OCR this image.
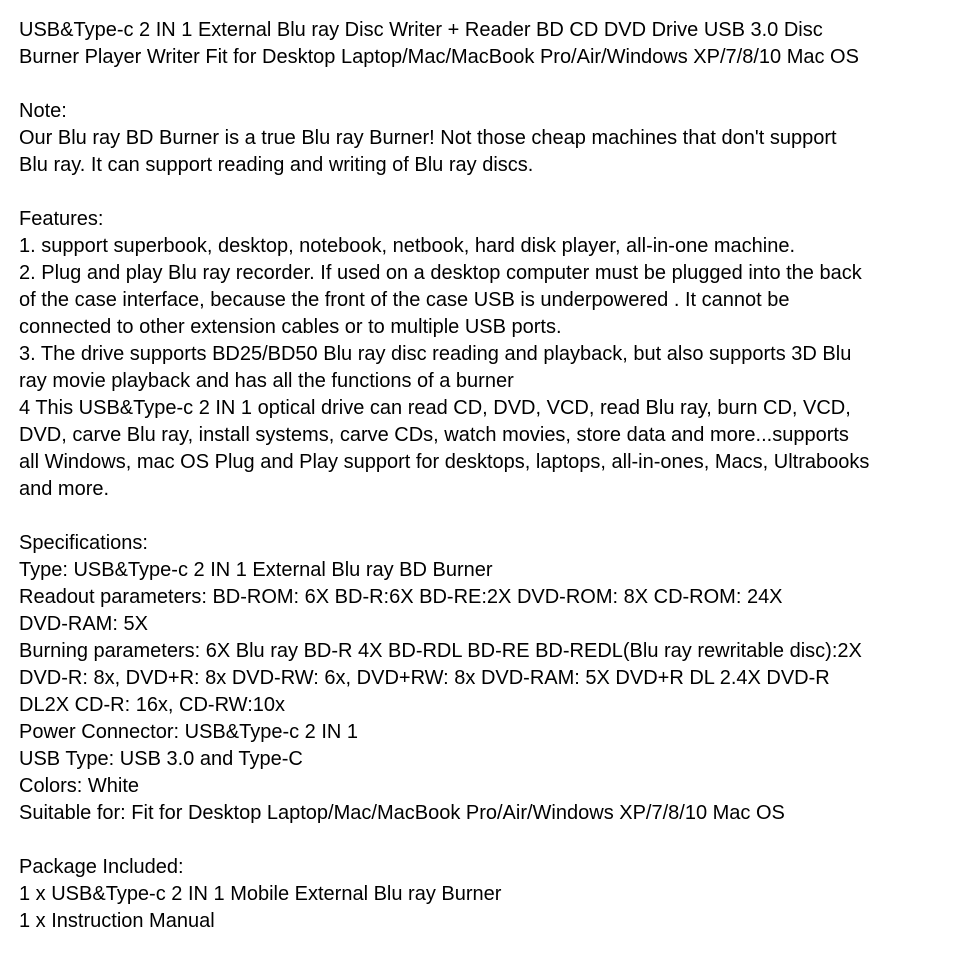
USB&Type-c 2 IN 1 External Blu ray Disc Writer + Reader BD CD DVD Drive USB 3.0 Disc
Burner Player Writer Fit for Desktop Laptop/Mac/MacBook Pro/Air/Windows XP/7/8/10 Mac OS
Note:
Our Blu ray BD Burner is a true Blu ray Burner! Not those cheap machines that don't support
Blu ray. It can support reading and writing of Blu ray discs.
Features:
1. support superbook, desktop, notebook, netbook, hard disk player, all-in-one machine.
2. Plug and play Blu ray recorder. If used on a desktop computer must be plugged into the back
of the case interface, because the front of the case USB is underpowered . It cannot be
connected to other extension cables or to multiple USB ports.
3. The drive supports BD25/BD50 Blu ray disc reading and playback, but also supports 3D Blu
ray movie playback and has all the functions of a burner
4 This USB&Type-c 2 IN 1 optical drive can read CD, DVD, VCD, read Blu ray, burn CD, VCD,
DVD, carve Blu ray, install systems, carve CDs, watch movies, store data and more...supports
all Windows, mac OS Plug and Play support for desktops, laptops, all-in-ones, Macs, Ultrabooks
and more.
Specifications:
Type: USB&Type-c 2 IN 1 External Blu ray BD Burner
Readout parameters: BD-ROM: 6X BD-R:6X BD-RE:2X DVD-ROM: 8X CD-ROM: 24X
DVD-RAM: 5X
Burning parameters: 6X Blu ray BD-R 4X BD-RDL BD-RE BD-REDL(Blu ray rewritable disc):2X
DVD-R: 8x, DVD+R: 8x DVD-RW: 6x, DVD+RW: 8x DVD-RAM: 5X DVD+R DL 2.4X DVD-R
DL2X CD-R: 16x, CD-RW:10x
Power Connector: USB&Type-c 2 IN 1
USB Type: USB 3.0 and Type-C
Colors: White
Suitable for: Fit for Desktop Laptop/Mac/MacBook Pro/Air/Windows XP/7/8/10 Mac OS
Package Included:
1 x USB&Type-c 2 IN 1 Mobile External Blu ray Burner
1 x Instruction Manual
